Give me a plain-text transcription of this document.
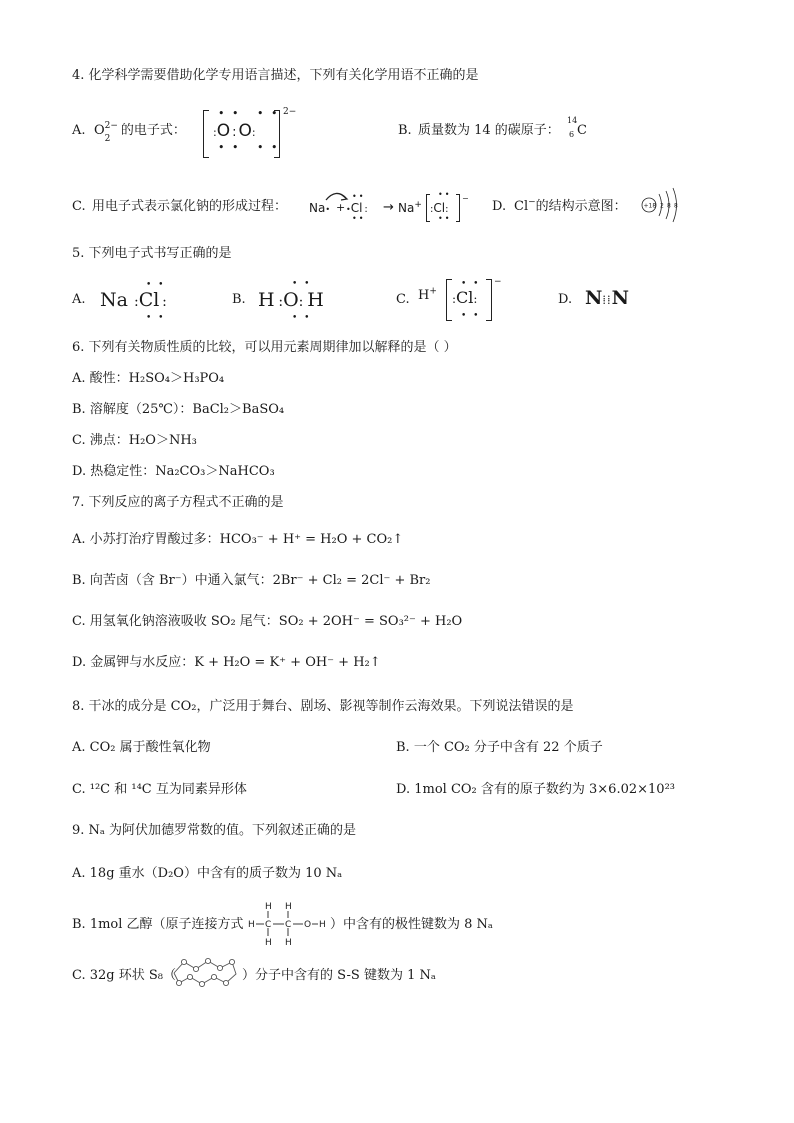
4. 化学科学需要借助化学专用语言描述，下列有关化学用语不正确的是
A. O 2−
2
的电子式：
• •   • •
:O : O:
• •   • •
2−
B. 质量数为 14 的碳原子：
14
6 C
C. 用电子式表示氯化钠的形成过程： Na• +
••
•Cl :
••
→ Na+
••
:Cl:
••
−
D. Cl−的结构示意图：	+18 2 8 8
5. 下列电子式书写正确的是
A.
• •
Na :Cl :
• •
B.
• •
H  :O:  H
• •
C. H+
• •
:Cl:
• •
−
D. N⁞⁞N
6. 下列有关物质性质的比较，可以用元素周期律加以解释的是（ ）
A. 酸性：H₂SO₄＞H₃PO₄
B. 溶解度（25℃）：BaCl₂＞BaSO₄
C. 沸点：H₂O＞NH₃
D. 热稳定性：Na₂CO₃＞NaHCO₃
7. 下列反应的离子方程式不正确的是
A. 小苏打治疗胃酸过多：HCO₃⁻ + H⁺ = H₂O + CO₂↑
B. 向苦卤（含 Br⁻）中通入氯气：2Br⁻ + Cl₂ = 2Cl⁻ + Br₂
C. 用氢氧化钠溶液吸收 SO₂ 尾气：SO₂ + 2OH⁻ = SO₃²⁻ + H₂O
D. 金属钾与水反应：K + H₂O = K⁺ + OH⁻ + H₂↑
8. 干冰的成分是 CO₂，广泛用于舞台、剧场、影视等制作云海效果。下列说法错误的是
A. CO₂ 属于酸性氧化物	B. 一个 CO₂ 分子中含有 22 个质子
C. ¹²C 和 ¹⁴C 互为同素异形体	D. 1mol CO₂ 含有的原子数约为 3×6.02×10²³
9. Nₐ 为阿伏加德罗常数的值。下列叙述正确的是
A. 18g 重水（D₂O）中含有的质子数为 10 Nₐ
B. 1mol 乙醇（原子连接方式 H C C O H
H H
H H
）中含有的极性键数为 8 Nₐ
C. 32g 环状 S₈（	）分子中含有的 S-S 键数为 1 Nₐ
